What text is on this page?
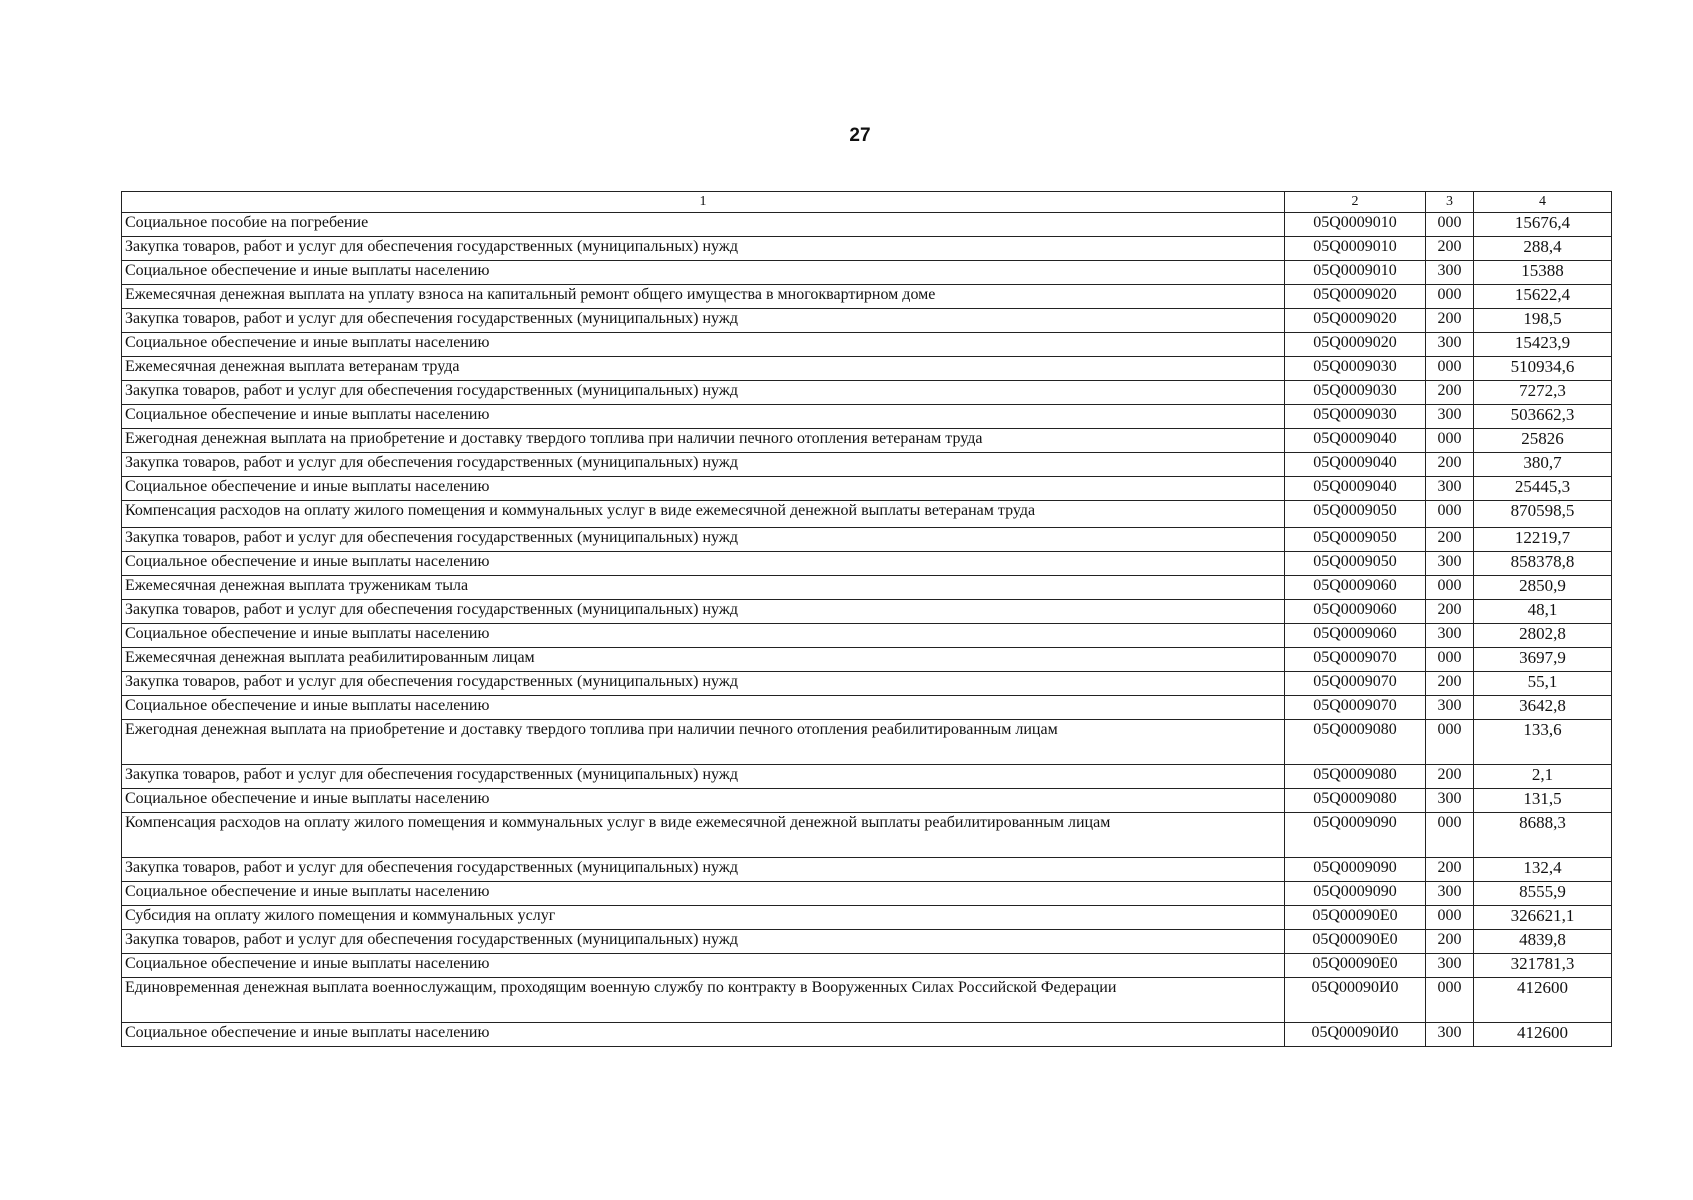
27
1	2	3	4
Социальное пособие на погребение	05Q0009010	000	15676,4
Закупка товаров, работ и услуг для обеспечения государственных (муниципальных) нужд	05Q0009010	200	288,4
Социальное обеспечение и иные выплаты населению	05Q0009010	300	15388
Ежемесячная денежная выплата на уплату взноса на капитальный ремонт общего имущества в многоквартирном доме	05Q0009020	000	15622,4
Закупка товаров, работ и услуг для обеспечения государственных (муниципальных) нужд	05Q0009020	200	198,5
Социальное обеспечение и иные выплаты населению	05Q0009020	300	15423,9
Ежемесячная денежная выплата ветеранам труда	05Q0009030	000	510934,6
Закупка товаров, работ и услуг для обеспечения государственных (муниципальных) нужд	05Q0009030	200	7272,3
Социальное обеспечение и иные выплаты населению	05Q0009030	300	503662,3
Ежегодная денежная выплата на приобретение и доставку твердого топлива при наличии печного отопления ветеранам труда	05Q0009040	000	25826
Закупка товаров, работ и услуг для обеспечения государственных (муниципальных) нужд	05Q0009040	200	380,7
Социальное обеспечение и иные выплаты населению	05Q0009040	300	25445,3
Компенсация расходов на оплату жилого помещения и коммунальных услуг в виде ежемесячной денежной выплаты ветеранам труда	05Q0009050	000	870598,5
Закупка товаров, работ и услуг для обеспечения государственных (муниципальных) нужд	05Q0009050	200	12219,7
Социальное обеспечение и иные выплаты населению	05Q0009050	300	858378,8
Ежемесячная денежная выплата труженикам тыла	05Q0009060	000	2850,9
Закупка товаров, работ и услуг для обеспечения государственных (муниципальных) нужд	05Q0009060	200	48,1
Социальное обеспечение и иные выплаты населению	05Q0009060	300	2802,8
Ежемесячная денежная выплата реабилитированным лицам	05Q0009070	000	3697,9
Закупка товаров, работ и услуг для обеспечения государственных (муниципальных) нужд	05Q0009070	200	55,1
Социальное обеспечение и иные выплаты населению	05Q0009070	300	3642,8
Ежегодная денежная выплата на приобретение и доставку твердого топлива при наличии печного отопления реабилитированным лицам	05Q0009080	000	133,6
Закупка товаров, работ и услуг для обеспечения государственных (муниципальных) нужд	05Q0009080	200	2,1
Социальное обеспечение и иные выплаты населению	05Q0009080	300	131,5
Компенсация расходов на оплату жилого помещения и коммунальных услуг в виде ежемесячной денежной выплаты реабилитированным лицам	05Q0009090	000	8688,3
Закупка товаров, работ и услуг для обеспечения государственных (муниципальных) нужд	05Q0009090	200	132,4
Социальное обеспечение и иные выплаты населению	05Q0009090	300	8555,9
Субсидия на оплату жилого помещения и коммунальных услуг	05Q00090Е0	000	326621,1
Закупка товаров, работ и услуг для обеспечения государственных (муниципальных) нужд	05Q00090Е0	200	4839,8
Социальное обеспечение и иные выплаты населению	05Q00090Е0	300	321781,3
Единовременная денежная выплата военнослужащим, проходящим военную службу по контракту в Вооруженных Силах Российской Федерации	05Q00090И0	000	412600
Социальное обеспечение и иные выплаты населению	05Q00090И0	300	412600
